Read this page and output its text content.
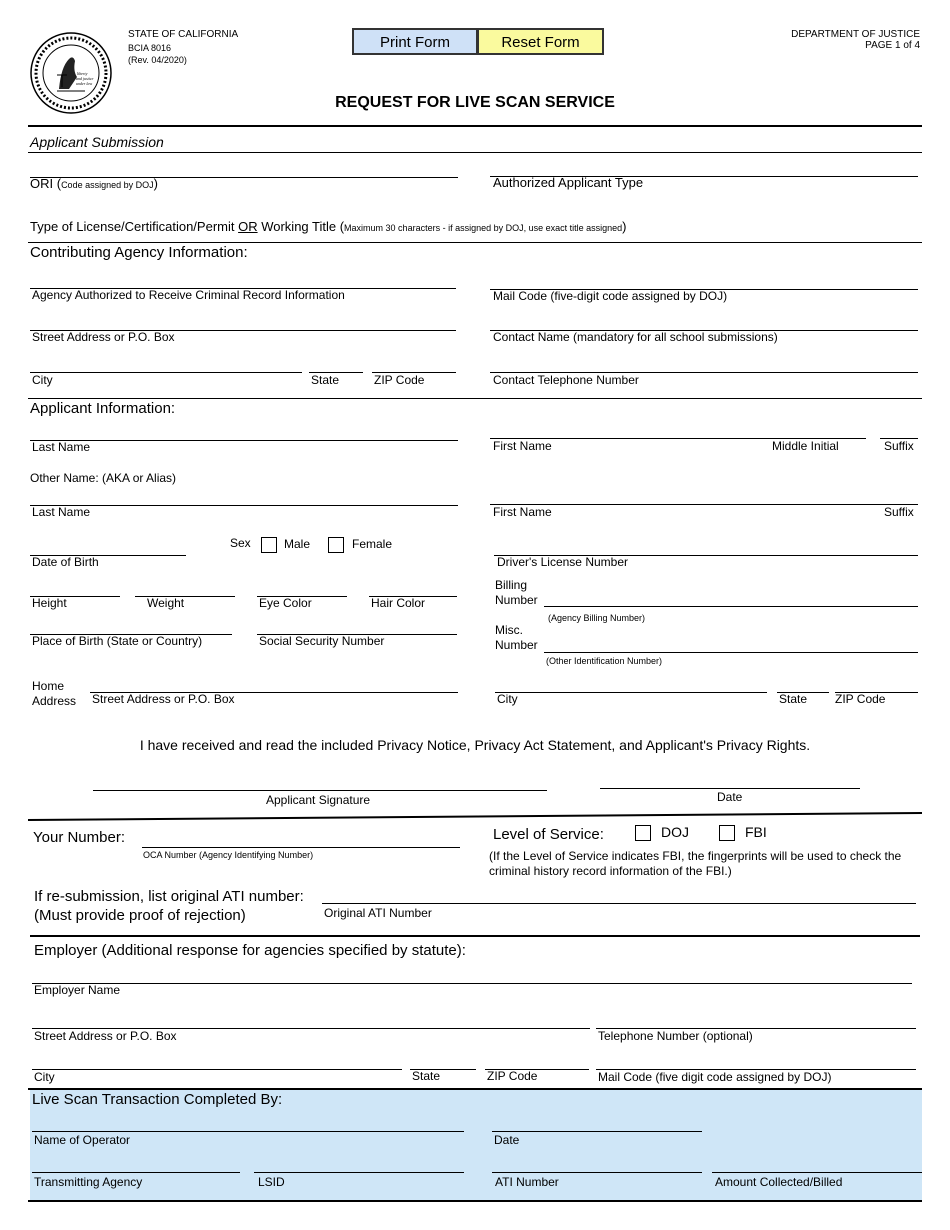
liberty
and justice
under law
STATE OF CALIFORNIA
BCIA 8016
(Rev. 04/2020)
DEPARTMENT OF JUSTICE
PAGE 1 of 4
Print Form	Reset Form
REQUEST FOR LIVE SCAN SERVICE
Applicant Submission
ORI (Code assigned by DOJ)	Authorized Applicant Type
Type of License/Certification/Permit OR Working Title (Maximum 30 characters - if assigned by DOJ, use exact title assigned)
Contributing Agency Information:
Agency Authorized to Receive Criminal Record Information	Mail Code (five-digit code assigned by DOJ)
Street Address or P.O. Box	Contact Name (mandatory for all school submissions)
City	State	ZIP Code	Contact Telephone Number
Applicant Information:
Last Name	First Name	Middle Initial	Suffix
Other Name: (AKA or Alias)
Last Name	First Name	Suffix
Sex	Male	Female
Date of Birth	Driver's License Number
Height	Weight	Eye Color	Hair Color
Billing
Number
(Agency Billing Number)
Place of Birth (State or Country)	Social Security Number
Misc.
Number
(Other Identification Number)
Home
Address Street Address or P.O. Box	City	State ZIP Code
I have received and read the included Privacy Notice, Privacy Act Statement, and Applicant's Privacy Rights.
Applicant Signature	Date
Your Number:
OCA Number (Agency Identifying Number)
Level of Service:	DOJ	FBI
(If the Level of Service indicates FBI, the fingerprints will be used to check the
criminal history record information of the FBI.)
If re-submission, list original ATI number:
(Must provide proof of rejection)	Original ATI Number
Employer (Additional response for agencies specified by statute):
Employer Name
Street Address or P.O. Box	Telephone Number (optional)
City	State	ZIP Code	Mail Code (five digit code assigned by DOJ)
Live Scan Transaction Completed By:
Name of Operator	Date
Transmitting Agency	LSID	ATI Number	Amount Collected/Billed
